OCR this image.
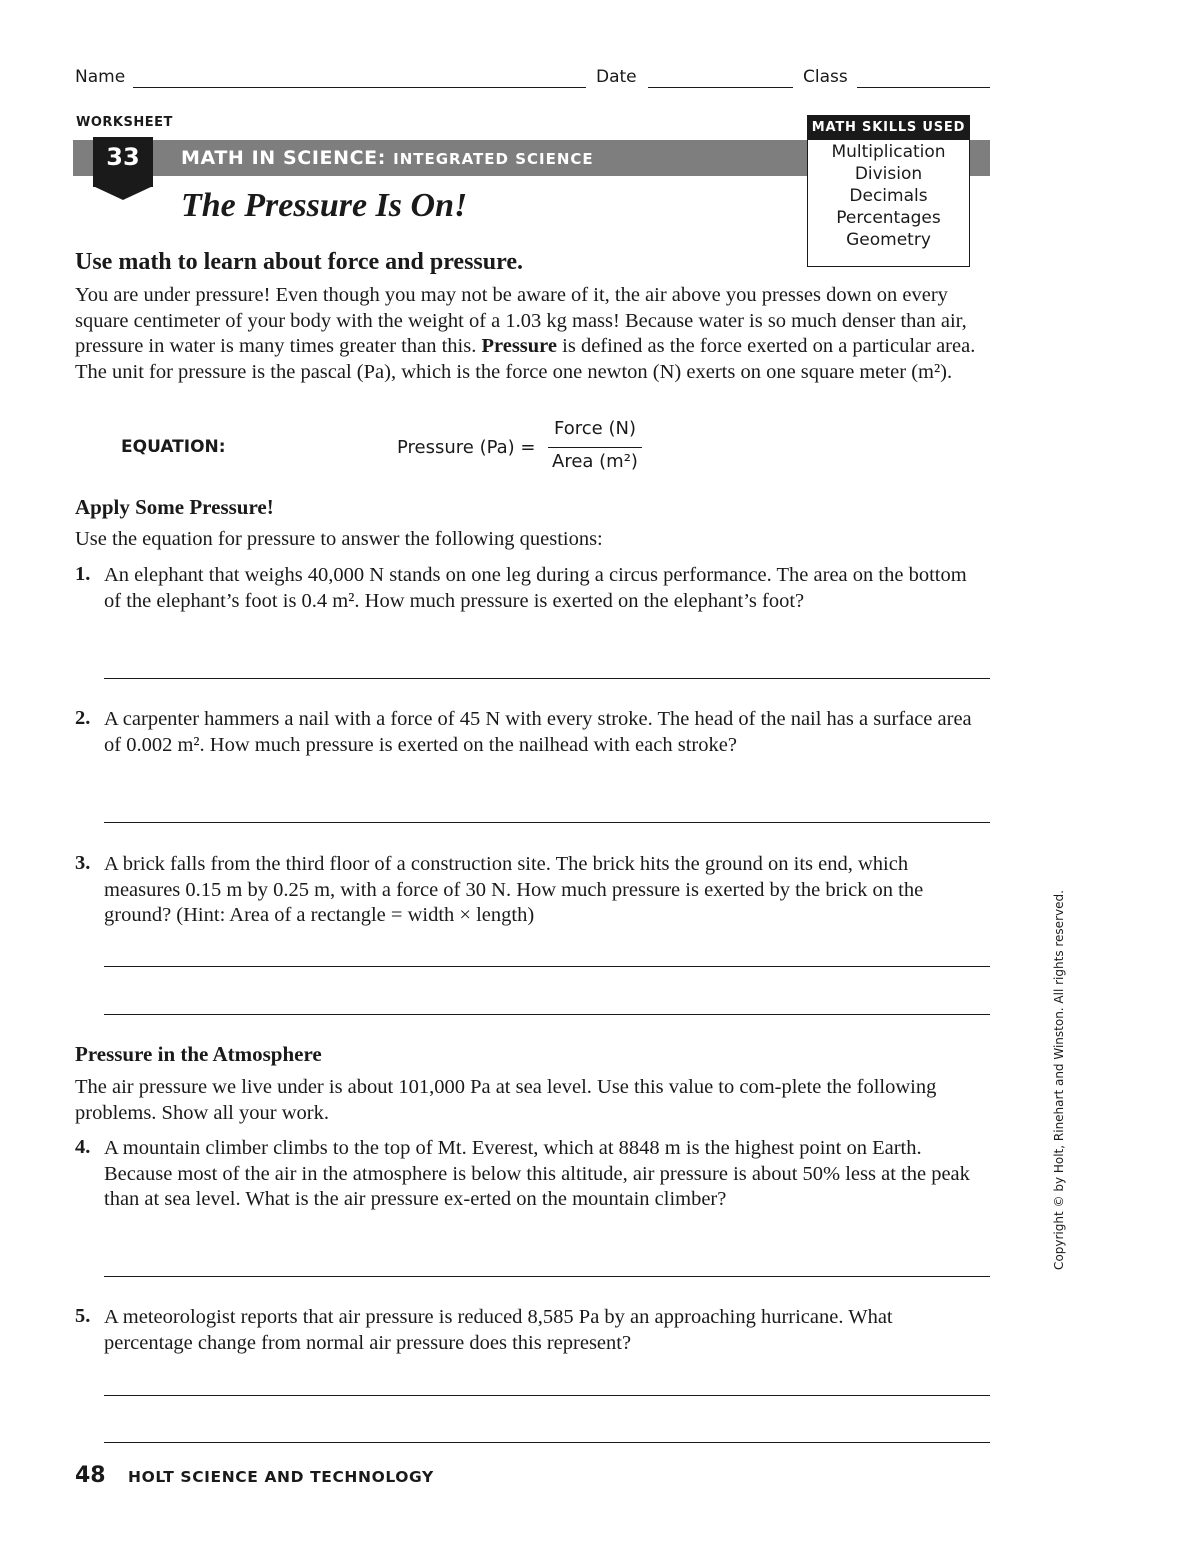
Name	Date	Class
WORKSHEET
33	MATH IN SCIENCE: INTEGRATED SCIENCE
MATH SKILLS USED
Multiplication
Division
Decimals
Percentages
Geometry
The Pressure Is On!
Use math to learn about force and pressure.
You are under pressure! Even though you may not be aware of it, the air above you presses down on every square centimeter of your body with the weight of a 1.03 kg mass! Because water is so much denser than air, pressure in water is many times greater than this. Pressure is defined as the force exerted on a particular area. The unit for pressure is the pascal (Pa), which is the force one newton (N) exerts on one square meter (m²).
EQUATION:	Pressure (Pa) =
Force (N)
Area (m²)
Apply Some Pressure!
Use the equation for pressure to answer the following questions:
1. An elephant that weighs 40,000 N stands on one leg during a circus performance. The area on the bottom of the elephant’s foot is 0.4 m². How much pressure is exerted on the elephant’s foot?
2. A carpenter hammers a nail with a force of 45 N with every stroke. The head of the nail has a surface area of 0.002 m². How much pressure is exerted on the nailhead with each stroke?
3. A brick falls from the third floor of a construction site. The brick hits the ground on its end, which measures 0.15 m by 0.25 m, with a force of 30 N. How much pressure is exerted by the brick on the ground? (Hint: Area of a rectangle = width × length)
Pressure in the Atmosphere
The air pressure we live under is about 101,000 Pa at sea level. Use this value to com-plete the following problems. Show all your work.
4. A mountain climber climbs to the top of Mt. Everest, which at 8848 m is the highest point on Earth. Because most of the air in the atmosphere is below this altitude, air pressure is about 50% less at the peak than at sea level. What is the air pressure ex-erted on the mountain climber?
5. A meteorologist reports that air pressure is reduced 8,585 Pa by an approaching hurricane. What percentage change from normal air pressure does this represent?
48 HOLT SCIENCE AND TECHNOLOGY
Copyright © by Holt, Rinehart and Winston. All rights reserved.
